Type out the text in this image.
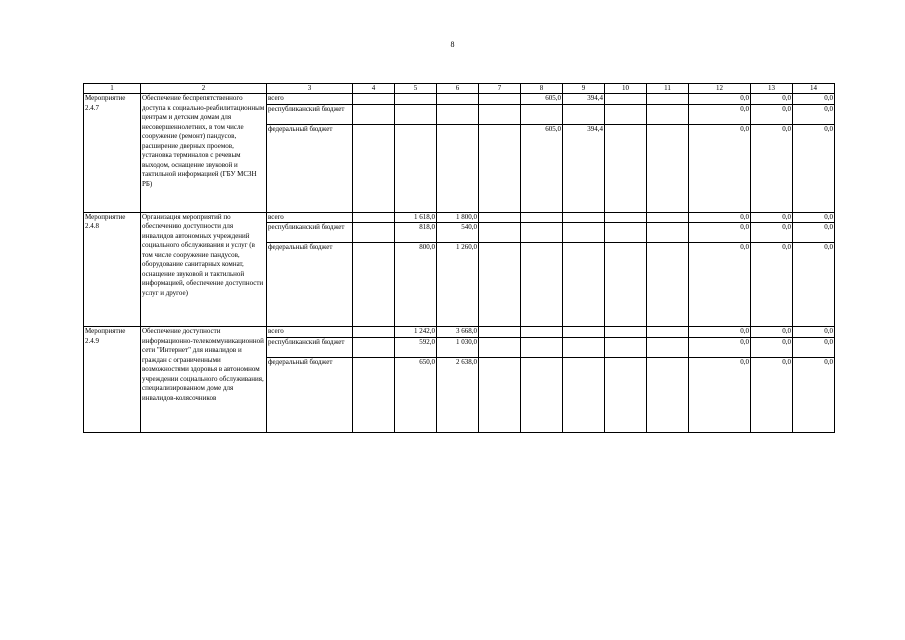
8
1	2	3	4	5	6	7	8	9	10	11	12	13	14
Мероприятие 2.4.7	Обеспечение беспрепятственного доступа к социально-реабилитационным центрам и детским домам для несовершеннолетних, в том числе сооружение (ремонт) пандусов, расширение дверных проемов, установка терминалов с речевым выходом, оснащение звуковой и тактильной информацией (ГБУ МСЗН РБ)	всего					605,0	394,4			0,0	0,0	0,0
		республиканский бюджет									0,0	0,0	0,0
		федеральный бюджет					605,0	394,4			0,0	0,0	0,0
Мероприятие 2.4.8	Организация мероприятий по обеспечению доступности для инвалидов автономных учреждений социального обслуживания и услуг (в том числе сооружение пандусов, оборудование санитарных комнат, оснащение звуковой и тактильной информацией, обеспечение доступности услуг и другое)	всего		1 618,0	1 800,0						0,0	0,0	0,0
		республиканский бюджет		818,0	540,0						0,0	0,0	0,0
		федеральный бюджет		800,0	1 260,0						0,0	0,0	0,0
Мероприятие 2.4.9	Обеспечение доступности информационно-телекоммуникационной сети "Интернет" для инвалидов и граждан с ограниченными возможностями здоровья в автономном учреждении социального обслуживания, специализированном доме для инвалидов-колясочников	всего		1 242,0	3 668,0						0,0	0,0	0,0
		республиканский бюджет		592,0	1 030,0						0,0	0,0	0,0
		федеральный бюджет		650,0	2 638,0						0,0	0,0	0,0
